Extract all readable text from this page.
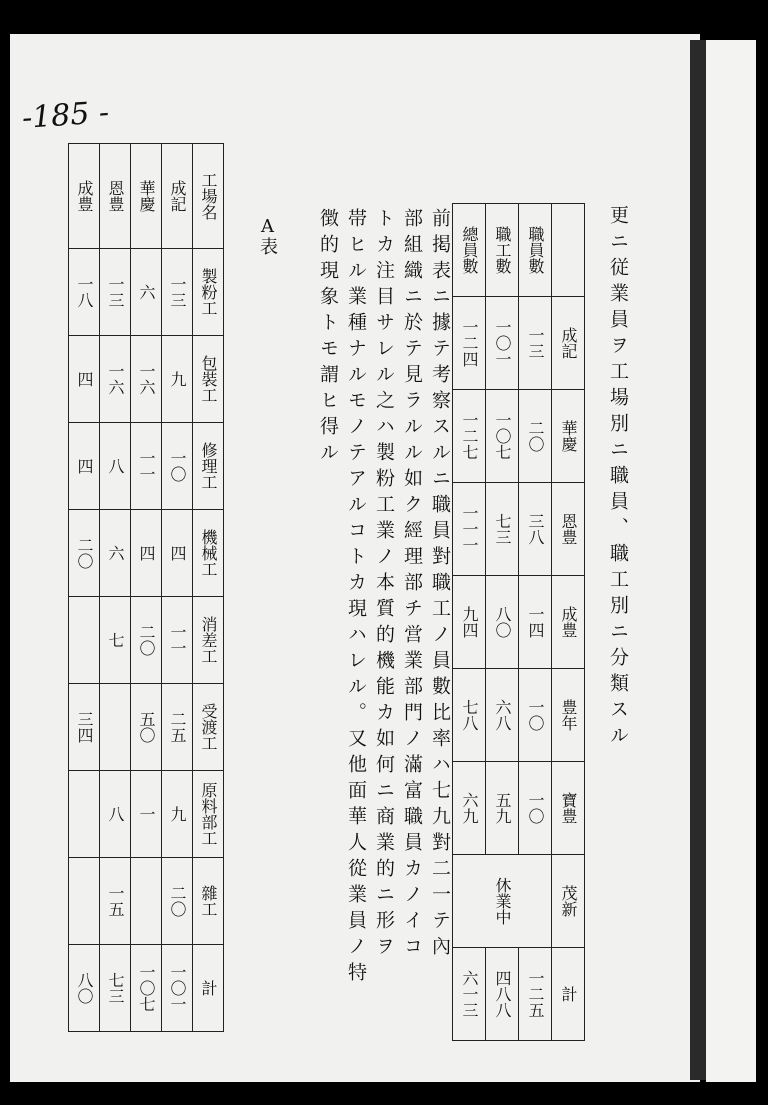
-185 -
更ニ従業員ヲ工場別ニ職員、職工別ニ分類スル
前掲表ニ據テ考察スルニ職員對職工ノ員數比率ハ七九對二一テ內
部組織ニ於テ見ラルル如ク經理部チ営業部門ノ滿富職員カノイコ
トカ注目サレル之ハ製粉工業ノ本質的機能カ如何ニ商業的ニ形ヲ
帯ヒル業種ナルモノテアルコトカ現ハレル。又他面華人從業員ノ特
徴的現象トモ謂ヒ得ル
A表	總員數	職工數	職員數	
一二四	一〇一	一三	成記
一二七	一〇七	二〇	華慶
一一一	七三	三八	恩豊
九四	八〇	一四	成豊
七八	六八	一〇	豊年
六九	五九	一〇	寶豊
休業中			茂新
六一三	四八八	一二五	計
成豊	恩豊	華慶	成記	工場名
一八	一三	六	一三	製粉工
四	一六	一六	九	包裝工
四	八	一一	一〇	修理工
二〇	六	四	四	機械工
	七	二〇	一一	消差工
三四		五〇	二五	受渡工
	八	一	九	原料部工
	一五		二〇	雜工
八〇	七三	一〇七	一〇一	計
